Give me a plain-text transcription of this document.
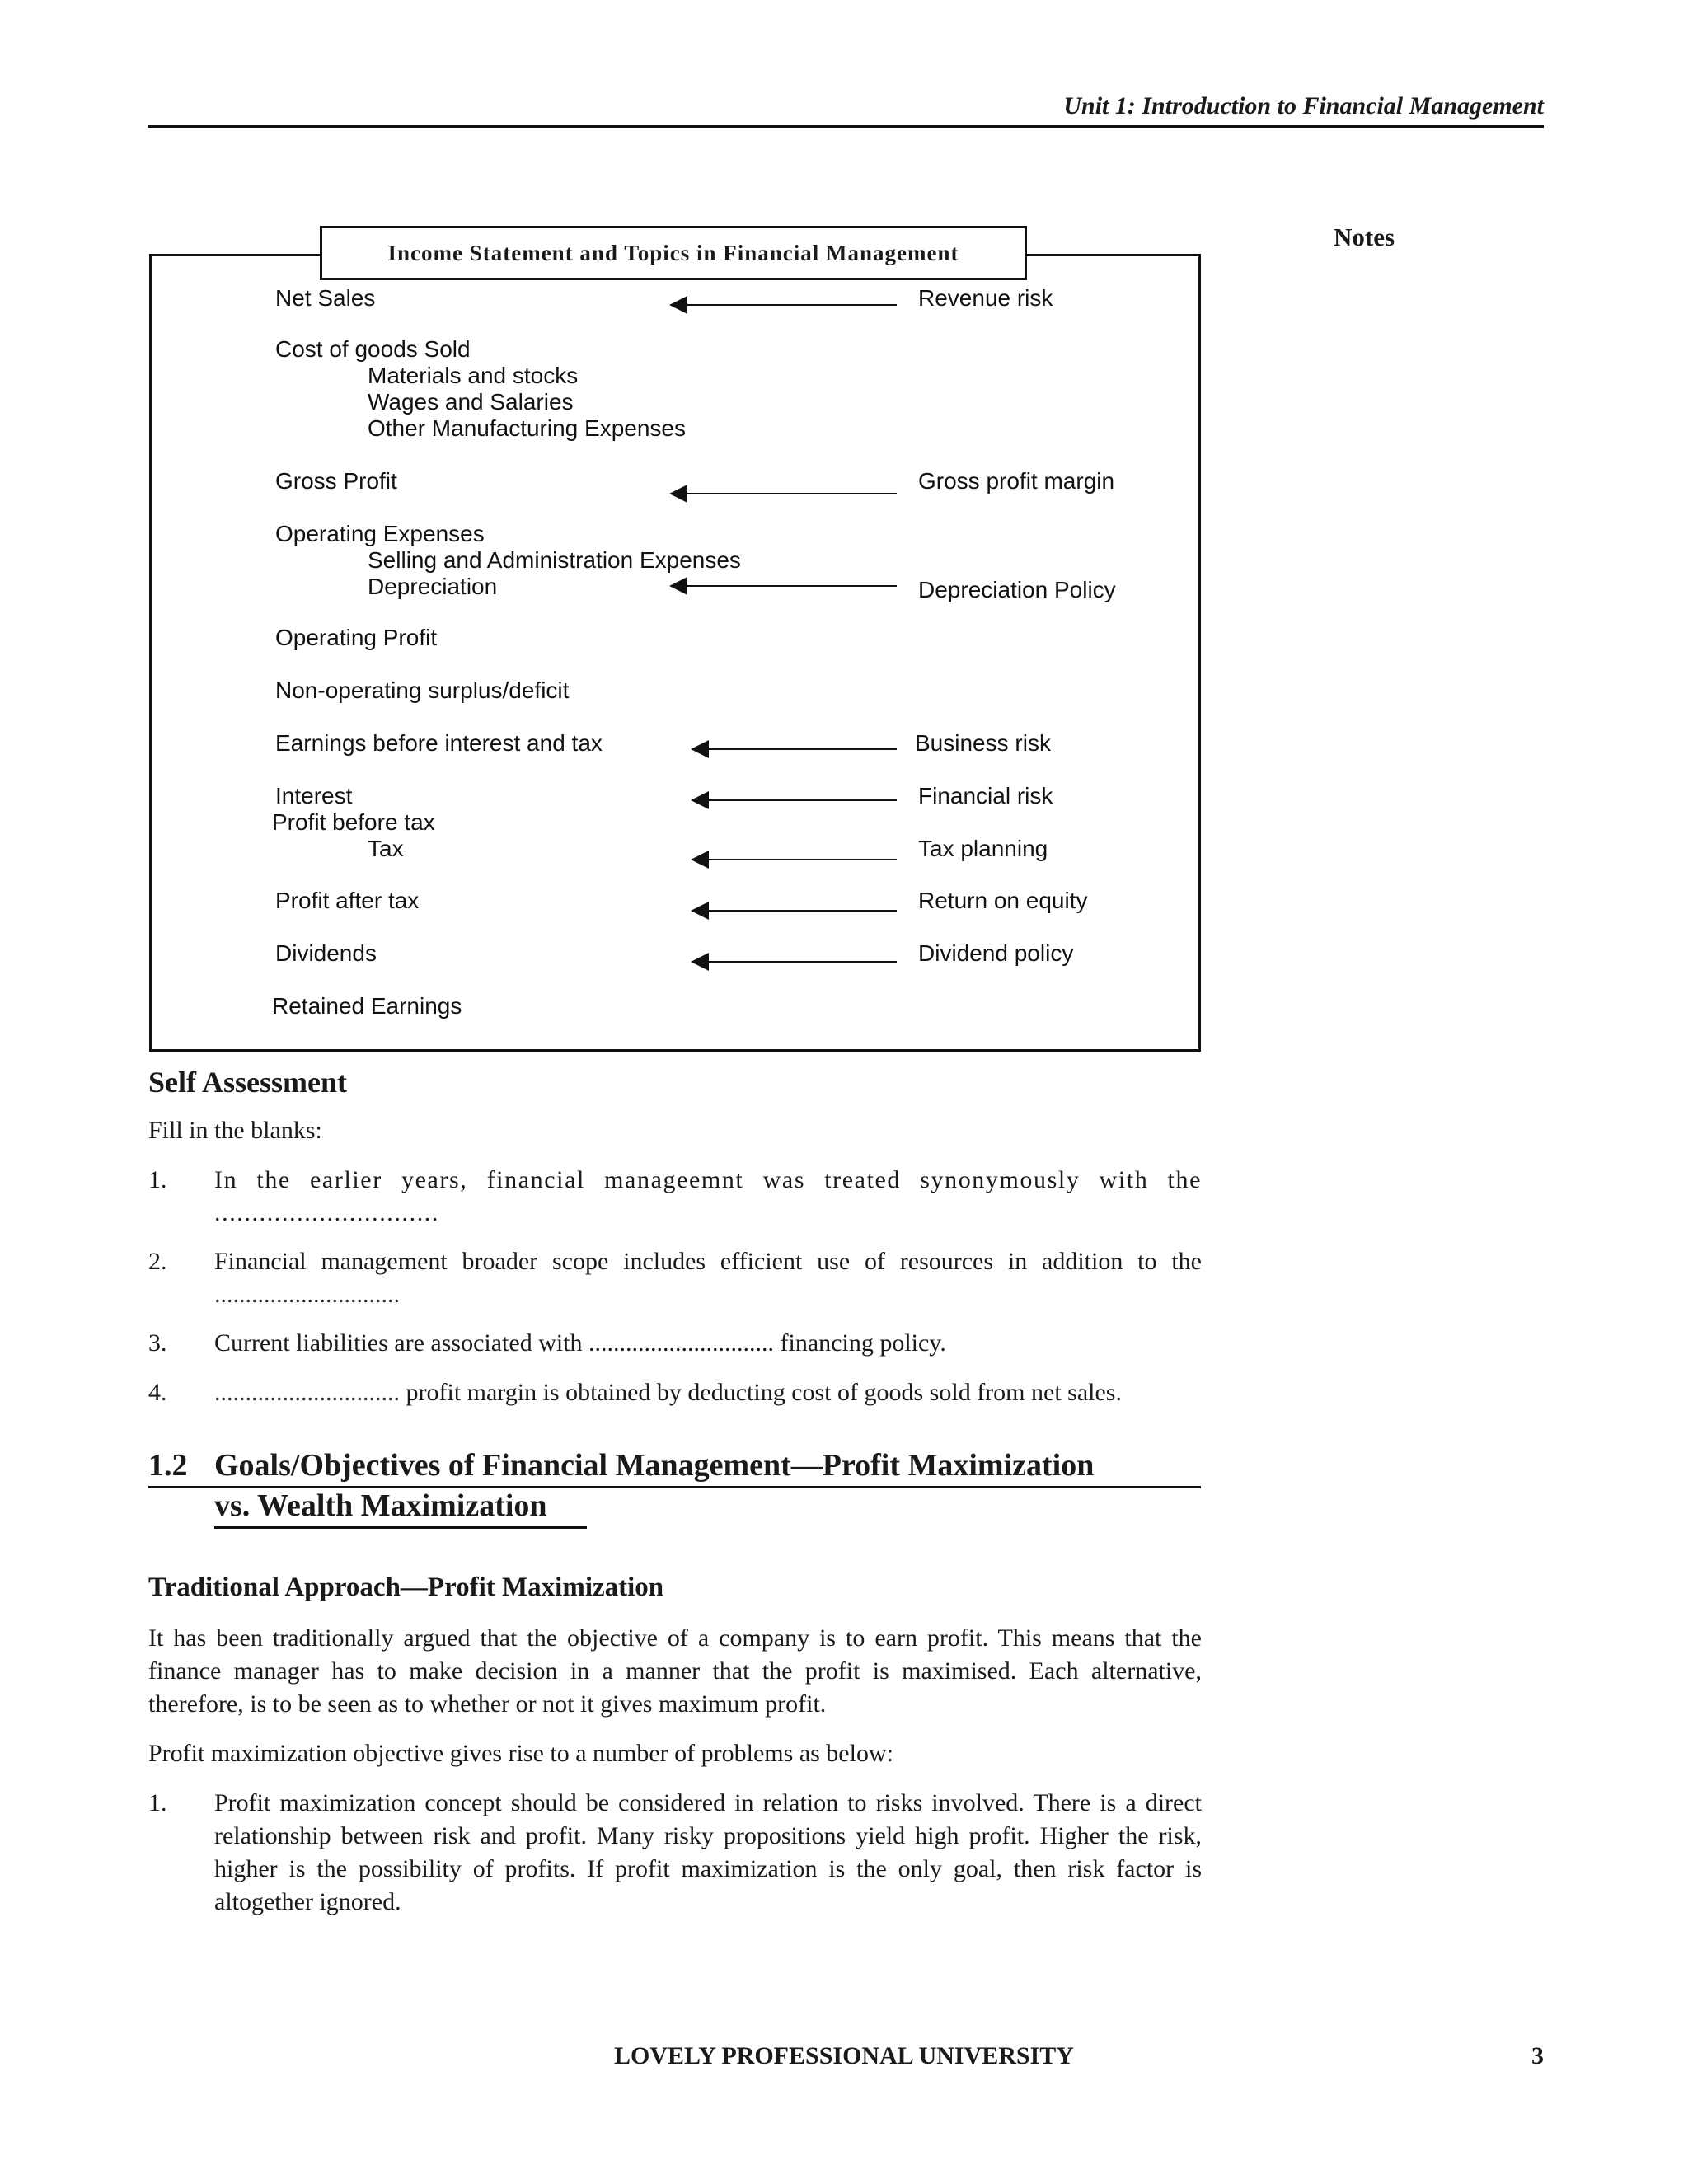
Unit 1: Introduction to Financial Management
Notes
Income Statement and Topics in Financial Management
Net Sales
Cost of goods Sold
Materials and stocks
Wages and Salaries
Other Manufacturing Expenses
Gross Profit
Operating Expenses
Selling and Administration Expenses
Depreciation
Operating Profit
Non-operating surplus/deficit
Earnings before interest and tax
Interest
Profit before tax
Tax
Profit after tax
Dividends
Retained Earnings
Revenue risk
Gross profit margin
Depreciation Policy
Business risk
Financial risk
Tax planning
Return on equity
Dividend policy
Self Assessment
Fill in the blanks:
1. In the earlier years, financial manageemnt was treated synonymously with the ..............................
2. Financial management broader scope includes efficient use of resources in addition to the ..............................
3. Current liabilities are associated with .............................. financing policy.
4. .............................. profit margin is obtained by deducting cost of goods sold from net sales.
1.2 Goals/Objectives of Financial Management—Profit Maximization
vs. Wealth Maximization
Traditional Approach—Profit Maximization
It has been traditionally argued that the objective of a company is to earn profit. This means that the finance manager has to make decision in a manner that the profit is maximised. Each alternative, therefore, is to be seen as to whether or not it gives maximum profit.
Profit maximization objective gives rise to a number of problems as below:
1. Profit maximization concept should be considered in relation to risks involved. There is a direct relationship between risk and profit. Many risky propositions yield high profit. Higher the risk, higher is the possibility of profits. If profit maximization is the only goal, then risk factor is altogether ignored.
LOVELY PROFESSIONAL UNIVERSITY	3
